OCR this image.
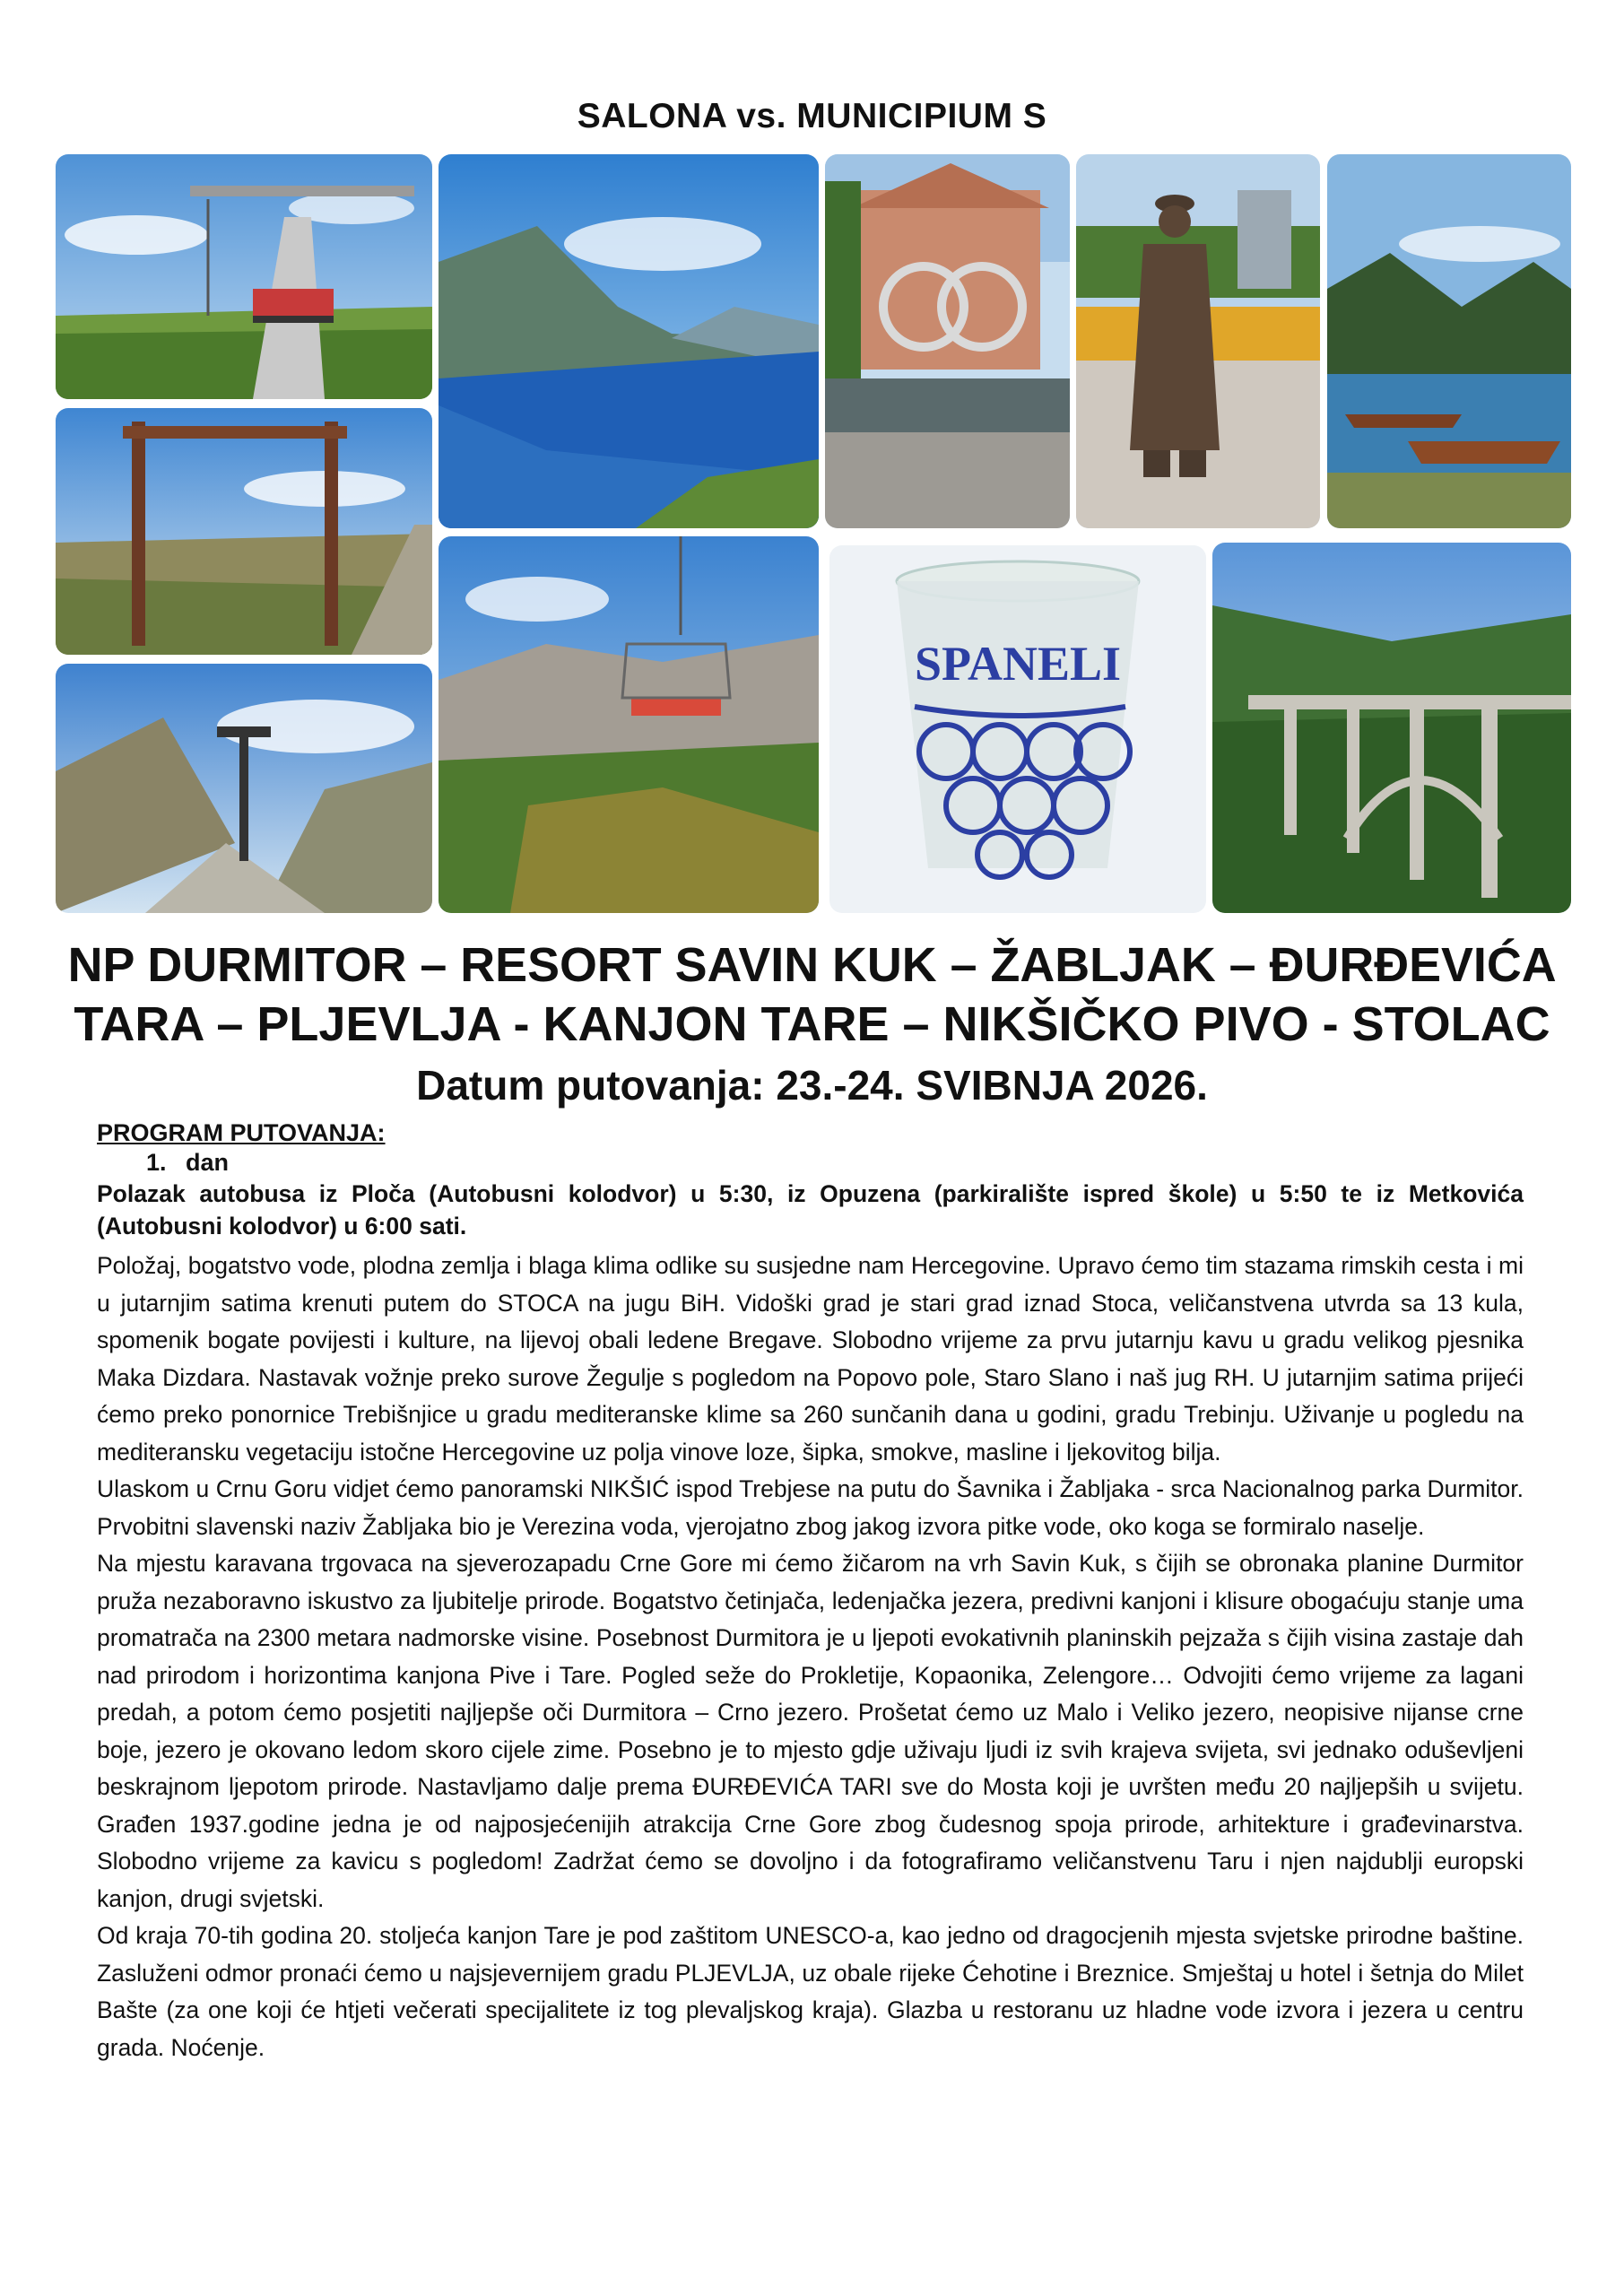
SALONA vs. MUNICIPIUM S
SPANELI
NP DURMITOR – RESORT SAVIN KUK – ŽABLJAK – ĐURĐEVIĆA
TARA – PLJEVLJA - KANJON TARE – NIKŠIČKO PIVO - STOLAC
Datum putovanja: 23.-24. SVIBNJA 2026.
PROGRAM PUTOVANJA:
1. dan

Polazak autobusa iz Ploča (Autobusni kolodvor) u 5:30, iz Opuzena (parkiralište ispred škole) u 5:50 te iz Metkovića (Autobusni kolodvor) u 6:00 sati.

Položaj, bogatstvo vode, plodna zemlja i blaga klima odlike su susjedne nam Hercegovine. Upravo ćemo tim stazama rimskih cesta i mi u jutarnjim satima krenuti putem do STOCA na jugu BiH. Vidoški grad je stari grad iznad Stoca, veličanstvena utvrda sa 13 kula, spomenik bogate povijesti i kulture, na lijevoj obali ledene Bregave. Slobodno vrijeme za prvu jutarnju kavu u gradu velikog pjesnika Maka Dizdara. Nastavak vožnje preko surove Žegulje s pogledom na Popovo pole, Staro Slano i naš jug RH. U jutarnjim satima prijeći ćemo preko ponornice Trebišnjice u gradu mediteranske klime sa 260 sunčanih dana u godini, gradu Trebinju. Uživanje u pogledu na mediteransku vegetaciju istočne Hercegovine uz polja vinove loze, šipka, smokve, masline i ljekovitog bilja.

Ulaskom u Crnu Goru vidjet ćemo panoramski NIKŠIĆ ispod Trebjese na putu do Šavnika i Žabljaka - srca Nacionalnog parka Durmitor. Prvobitni slavenski naziv Žabljaka bio je Verezina voda, vjerojatno zbog jakog izvora pitke vode, oko koga se formiralo naselje.

Na mjestu karavana trgovaca na sjeverozapadu Crne Gore mi ćemo žičarom na vrh Savin Kuk, s čijih se obronaka planine Durmitor pruža nezaboravno iskustvo za ljubitelje prirode. Bogatstvo četinjača, ledenjačka jezera, predivni kanjoni i klisure obogaćuju stanje uma promatrača na 2300 metara nadmorske visine. Posebnost Durmitora je u ljepoti evokativnih planinskih pejzaža s čijih visina zastaje dah nad prirodom i horizontima kanjona Pive i Tare. Pogled seže do Prokletije, Kopaonika, Zelengore… Odvojiti ćemo vrijeme za lagani predah, a potom ćemo posjetiti najljepše oči Durmitora – Crno jezero. Prošetat ćemo uz Malo i Veliko jezero, neopisive nijanse crne boje, jezero je okovano ledom skoro cijele zime. Posebno je to mjesto gdje uživaju ljudi iz svih krajeva svijeta, svi jednako oduševljeni beskrajnom ljepotom prirode. Nastavljamo dalje prema ĐURĐEVIĆA TARI sve do Mosta koji je uvršten među 20 najljepših u svijetu. Građen 1937.godine jedna je od najposjećenijih atrakcija Crne Gore zbog čudesnog spoja prirode, arhitekture i građevinarstva. Slobodno vrijeme za kavicu s pogledom! Zadržat ćemo se dovoljno i da fotografiramo veličanstvenu Taru i njen najdublji europski kanjon, drugi svjetski.

Od kraja 70-tih godina 20. stoljeća kanjon Tare je pod zaštitom UNESCO-a, kao jedno od dragocjenih mjesta svjetske prirodne baštine. Zasluženi odmor pronaći ćemo u najsjevernijem gradu PLJEVLJA, uz obale rijeke Ćehotine i Breznice. Smještaj u hotel i šetnja do Milet Bašte (za one koji će htjeti večerati specijalitete iz tog plevaljskog kraja). Glazba u restoranu uz hladne vode izvora i jezera u centru grada. Noćenje.
